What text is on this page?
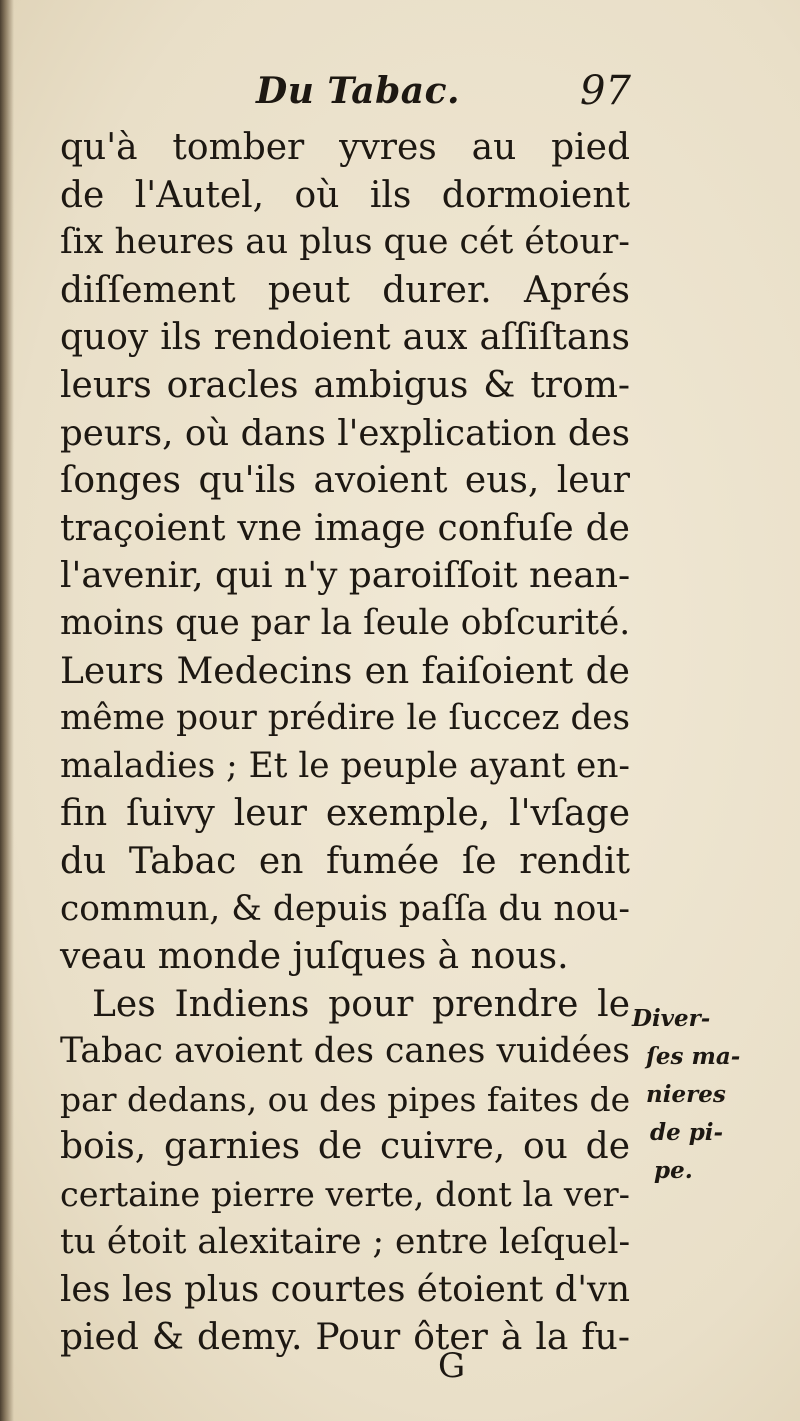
Du Tabac.	97
qu'à tomber yvres au pied
de l'Autel, où ils dormoient
ſix heures au plus que cét étour-
diſſement peut durer. Aprés
quoy ils rendoient aux aſſiſtans
leurs oracles ambigus & trom-
peurs, où dans l'explication des
ſonges qu'ils avoient eus, leur
traçoient vne image confuſe de
l'avenir, qui n'y paroiſſoit nean-
moins que par la ſeule obſcurité.
Leurs Medecins en faiſoient de
même pour prédire le ſuccez des
maladies ; Et le peuple ayant en-
fin ſuivy leur exemple, l'vſage
du Tabac en fumée ſe rendit
commun, & depuis paſſa du nou-
veau monde juſques à nous.
Les Indiens pour prendre le
Tabac avoient des canes vuidées
par dedans, ou des pipes faites de
bois, garnies de cuivre, ou de
certaine pierre verte, dont la ver-
tu étoit alexitaire ; entre leſquel-
les les plus courtes étoient d'vn
pied & demy. Pour ôter à la fu-
Diver-
ſes ma-
nieres
de pi-
pe.
G
